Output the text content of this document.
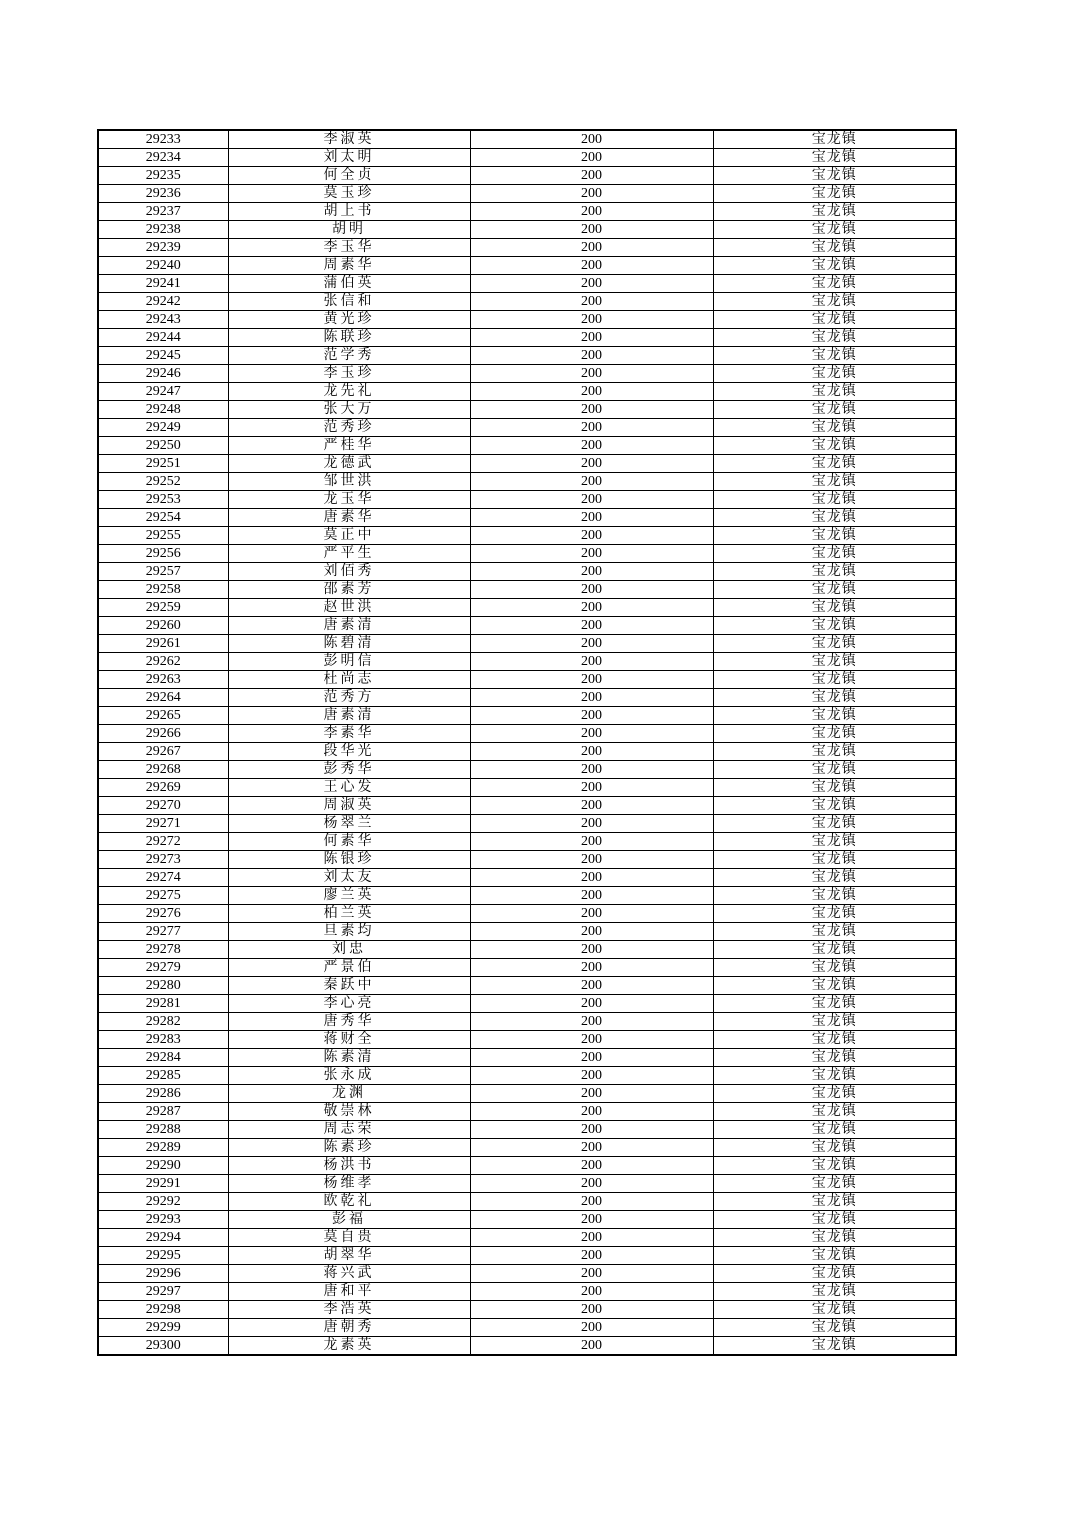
29233	李淑英	200	宝龙镇
29234	刘太明	200	宝龙镇
29235	何全贞	200	宝龙镇
29236	莫玉珍	200	宝龙镇
29237	胡上书	200	宝龙镇
29238	胡明	200	宝龙镇
29239	李玉华	200	宝龙镇
29240	周素华	200	宝龙镇
29241	蒲伯英	200	宝龙镇
29242	张信和	200	宝龙镇
29243	黄光珍	200	宝龙镇
29244	陈联珍	200	宝龙镇
29245	范学秀	200	宝龙镇
29246	李玉珍	200	宝龙镇
29247	龙先礼	200	宝龙镇
29248	张大万	200	宝龙镇
29249	范秀珍	200	宝龙镇
29250	严桂华	200	宝龙镇
29251	龙德武	200	宝龙镇
29252	邹世洪	200	宝龙镇
29253	龙玉华	200	宝龙镇
29254	唐素华	200	宝龙镇
29255	莫正中	200	宝龙镇
29256	严平生	200	宝龙镇
29257	刘佰秀	200	宝龙镇
29258	邵素芳	200	宝龙镇
29259	赵世洪	200	宝龙镇
29260	唐素清	200	宝龙镇
29261	陈碧清	200	宝龙镇
29262	彭明信	200	宝龙镇
29263	杜尚志	200	宝龙镇
29264	范秀方	200	宝龙镇
29265	唐素清	200	宝龙镇
29266	李素华	200	宝龙镇
29267	段华光	200	宝龙镇
29268	彭秀华	200	宝龙镇
29269	王心发	200	宝龙镇
29270	周淑英	200	宝龙镇
29271	杨翠兰	200	宝龙镇
29272	何素华	200	宝龙镇
29273	陈银珍	200	宝龙镇
29274	刘太友	200	宝龙镇
29275	廖兰英	200	宝龙镇
29276	柏兰英	200	宝龙镇
29277	旦素均	200	宝龙镇
29278	刘忠	200	宝龙镇
29279	严景伯	200	宝龙镇
29280	秦跃中	200	宝龙镇
29281	李心亮	200	宝龙镇
29282	唐秀华	200	宝龙镇
29283	蒋财全	200	宝龙镇
29284	陈素清	200	宝龙镇
29285	张永成	200	宝龙镇
29286	龙渊	200	宝龙镇
29287	敬崇林	200	宝龙镇
29288	周志荣	200	宝龙镇
29289	陈素珍	200	宝龙镇
29290	杨洪书	200	宝龙镇
29291	杨维孝	200	宝龙镇
29292	欧乾礼	200	宝龙镇
29293	彭福	200	宝龙镇
29294	莫自贵	200	宝龙镇
29295	胡翠华	200	宝龙镇
29296	蒋兴武	200	宝龙镇
29297	唐和平	200	宝龙镇
29298	李浩英	200	宝龙镇
29299	唐朝秀	200	宝龙镇
29300	龙素英	200	宝龙镇
